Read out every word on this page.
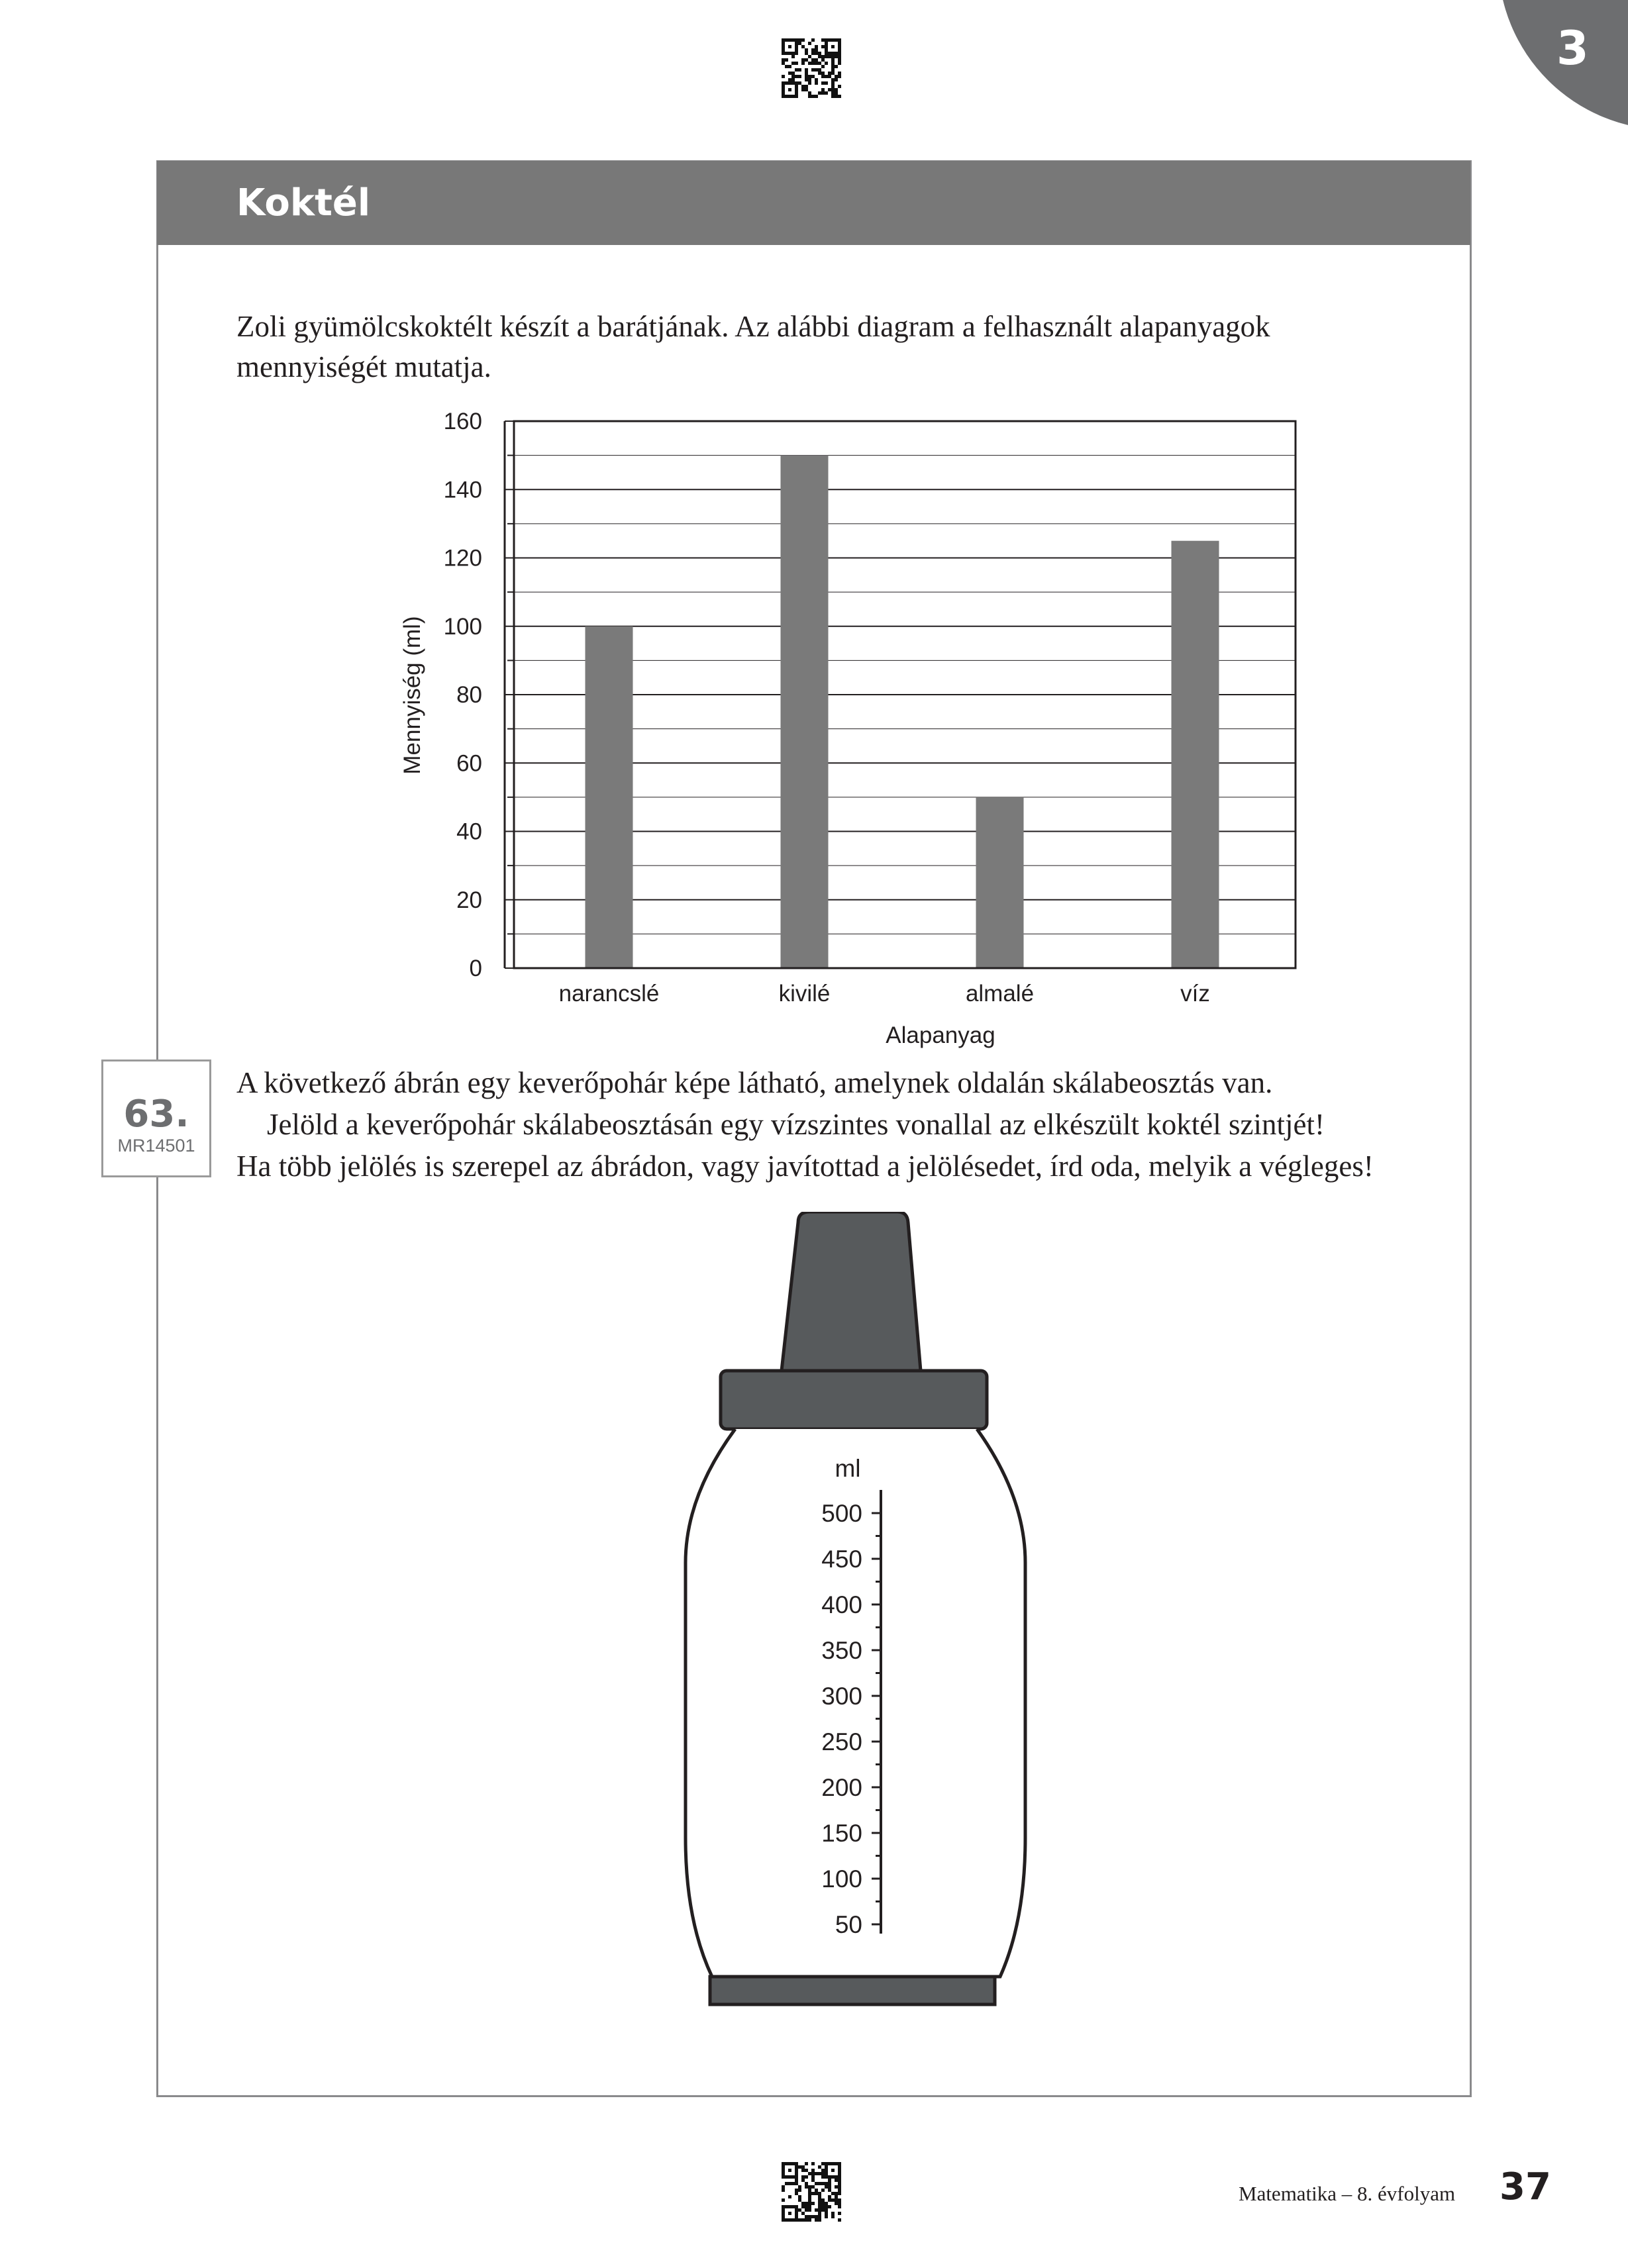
3
Koktél
Zoli gyümölcskoktélt készít a barátjának. Az alábbi diagram a felhasznált alapanyagok
mennyiségét mutatja.
0
20
40
60
80
100
120
140
160
narancslé	kivilé	almalé	víz
Mennyiség (ml)
Alapanyag
63.
MR14501
A következő ábrán egy keverőpohár képe látható, amelynek oldalán skálabeosztás van.
Jelöld a keverőpohár skálabeosztásán egy vízszintes vonallal az elkészült koktél szintjét!
Ha több jelölés is szerepel az ábrádon, vagy javítottad a jelölésedet, írd oda, melyik a végleges!
ml
500
450
400
350
300
250
200
150
100
50
Matematika – 8. évfolyam 37
